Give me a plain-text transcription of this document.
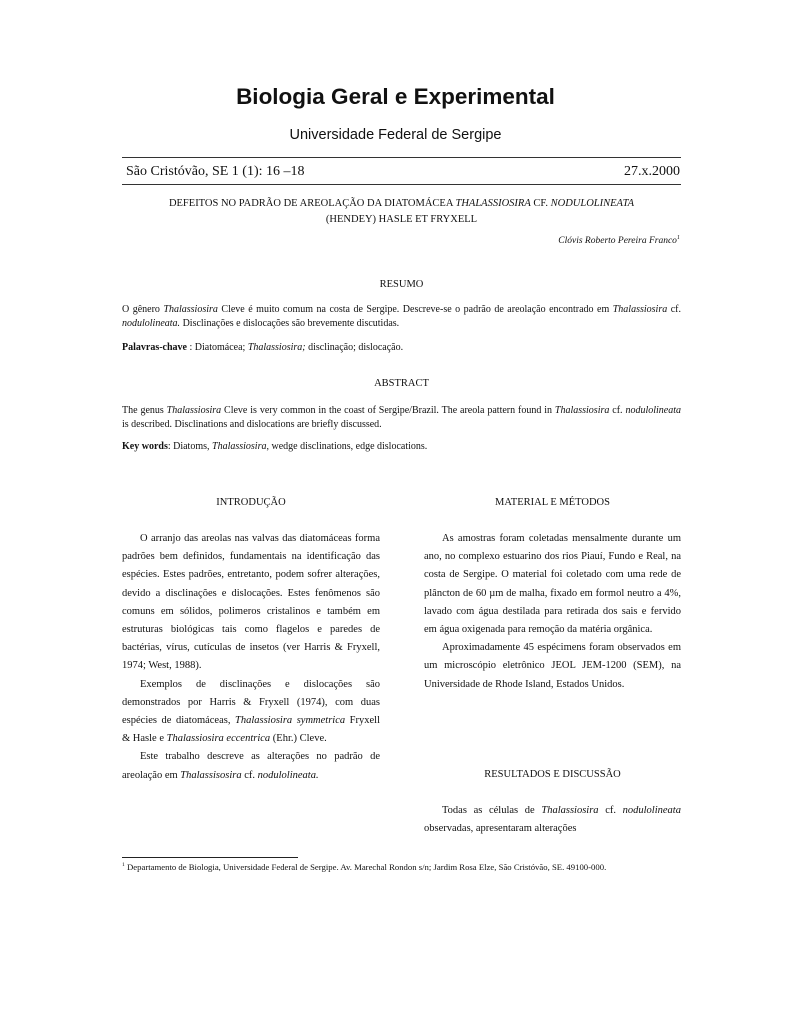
Biologia Geral e Experimental
Universidade Federal de Sergipe
São Cristóvão, SE 1 (1): 16 –18	27.x.2000
DEFEITOS NO PADRÃO DE AREOLAÇÃO DA DIATOMÁCEA THALASSIOSIRA CF. NODULOLINEATA
(HENDEY) HASLE ET FRYXELL
Clóvis Roberto Pereira Franco$^1$
RESUMO
O gênero Thalassiosira Cleve é muito comum na costa de Sergipe. Descreve-se o padrão de areolação encontrado em Thalassiosira cf. nodulolineata. Disclinações e dislocações são brevemente discutidas.
Palavras-chave : Diatomácea; Thalassiosira; disclinação; dislocação.
ABSTRACT
The genus Thalassiosira Cleve is very common in the coast of Sergipe/Brazil. The areola pattern found in Thalassiosira cf. nodulolineata is described. Disclinations and dislocations are briefly discussed.
Key words: Diatoms, Thalassiosira, wedge disclinations, edge dislocations.
INTRODUÇÃO

O arranjo das areolas nas valvas das diatomáceas forma padrões bem definidos, fundamentais na identificação das espécies. Estes padrões, entretanto, podem sofrer alterações, devido a disclinações e dislocações. Estes fenômenos são comuns em sólidos, polimeros cristalinos e também em estruturas biológicas tais como flagelos e paredes de bactérias, vírus, cutículas de insetos (ver Harris & Fryxell, 1974; West, 1988).

Exemplos de disclinações e dislocações são demonstrados por Harris & Fryxell (1974), com duas espécies de diatomáceas, Thalassiosira symmetrica Fryxell & Hasle e Thalassiosira eccentrica (Ehr.) Cleve.

Este trabalho descreve as alterações no padrão de areolação em Thalassisosira cf. nodulolineata.

MATERIAL E MÉTODOS

As amostras foram coletadas mensalmente durante um ano, no complexo estuarino dos rios Piauí, Fundo e Real, na costa de Sergipe. O material foi coletado com uma rede de plâncton de 60 µm de malha, fixado em formol neutro a 4%, lavado com água destilada para retirada dos sais e fervido em água oxigenada para remoção da matéria orgânica.

Aproximadamente 45 espécimens foram observados em um microscópio eletrônico JEOL JEM-1200 (SEM), na Universidade de Rhode Island, Estados Unidos.

RESULTADOS E DISCUSSÃO

Todas as células de Thalassiosira cf. nodulolineata observadas, apresentaram alterações

$^1$ Departamento de Biologia, Universidade Federal de Sergipe. Av. Marechal Rondon s/n; Jardim Rosa Elze, São Cristóvão, SE. 49100-000.
